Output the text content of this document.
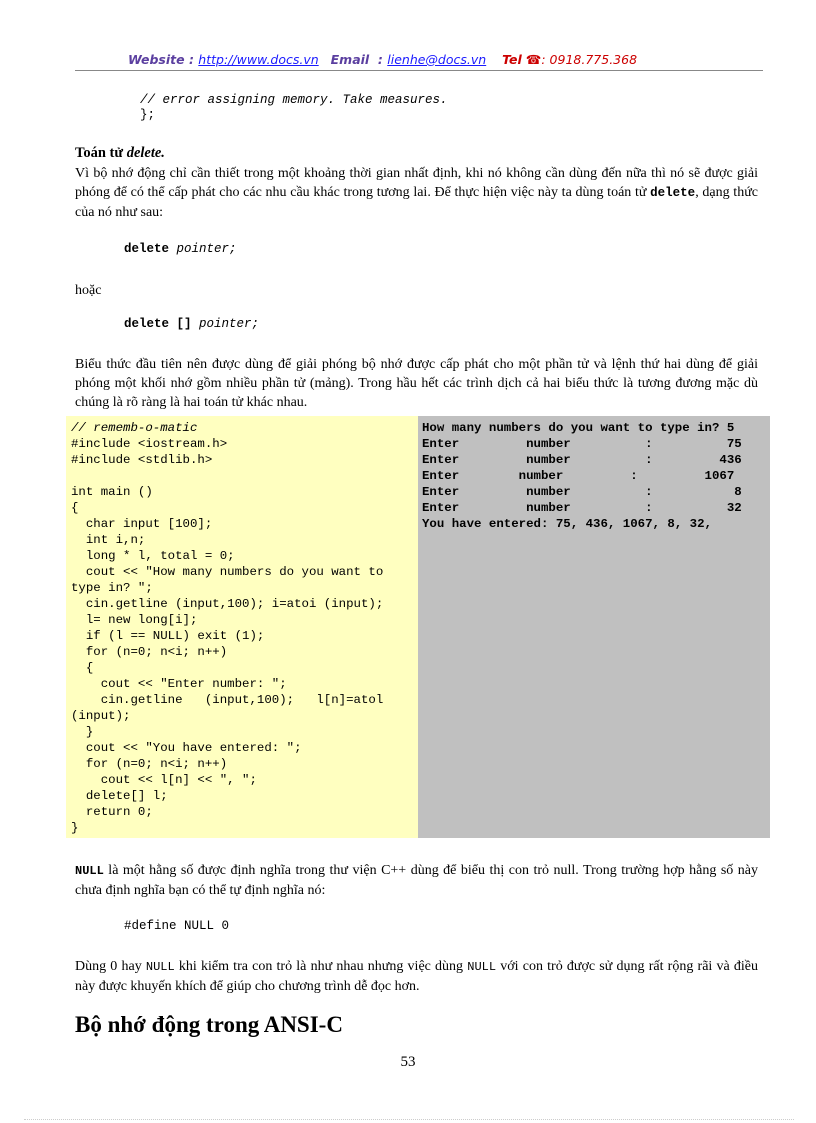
Website : http://www.docs.vn Email  : lienhe@docs.vn Tel ☎: 0918.775.368
// error assigning memory. Take measures.
};
Toán tử delete.
Vì bộ nhớ động chỉ cần thiết trong một khoảng thời gian nhất định, khi nó không cần dùng đến nữa thì nó sẽ được giải phóng để có thể cấp phát cho các nhu cầu khác trong tương lai. Để thực hiện việc này ta dùng toán tử delete, dạng thức của nó như sau:
delete pointer;
hoặc
delete [] pointer;
Biểu thức đầu tiên nên được dùng để giải phóng bộ nhớ được cấp phát cho một phần tử và lệnh thứ hai dùng để giải phóng một khối nhớ gồm nhiều phần tử (mảng). Trong hầu hết các trình dịch cả hai biểu thức là tương đương mặc dù chúng là rõ ràng là hai toán tử khác nhau.
// rememb-o-matic
#include <iostream.h>
#include <stdlib.h>

int main ()
{
char input [100];
int i,n;
long * l, total = 0;
cout << "How many numbers do you want to
type in? ";
cin.getline (input,100); i=atoi (input);
l= new long[i];
if (l == NULL) exit (1);
for (n=0; n<i; n++)
{
cout << "Enter number: ";
cin.getline   (input,100);   l[n]=atol
(input);
}
cout << "You have entered: ";
for (n=0; n<i; n++)
cout << l[n] << ", ";
delete[] l;
return 0;
}

How many numbers do you want to type in? 5
Enter         number          :          75
Enter         number          :         436
Enter        number         :         1067
Enter         number          :           8
Enter         number          :          32
You have entered: 75, 436, 1067, 8, 32,

NULL là một hằng số được định nghĩa trong thư viện C++ dùng để biểu thị con trỏ null. Trong trường hợp hằng số này chưa định nghĩa bạn có thể tự định nghĩa nó:
#define NULL 0
Dùng 0 hay NULL khi kiểm tra con trỏ là như nhau nhưng việc dùng NULL với con trỏ được sử dụng rất rộng rãi và điều này được khuyến khích để giúp cho chương trình dễ đọc hơn.
Bộ nhớ động trong ANSI-C
53
